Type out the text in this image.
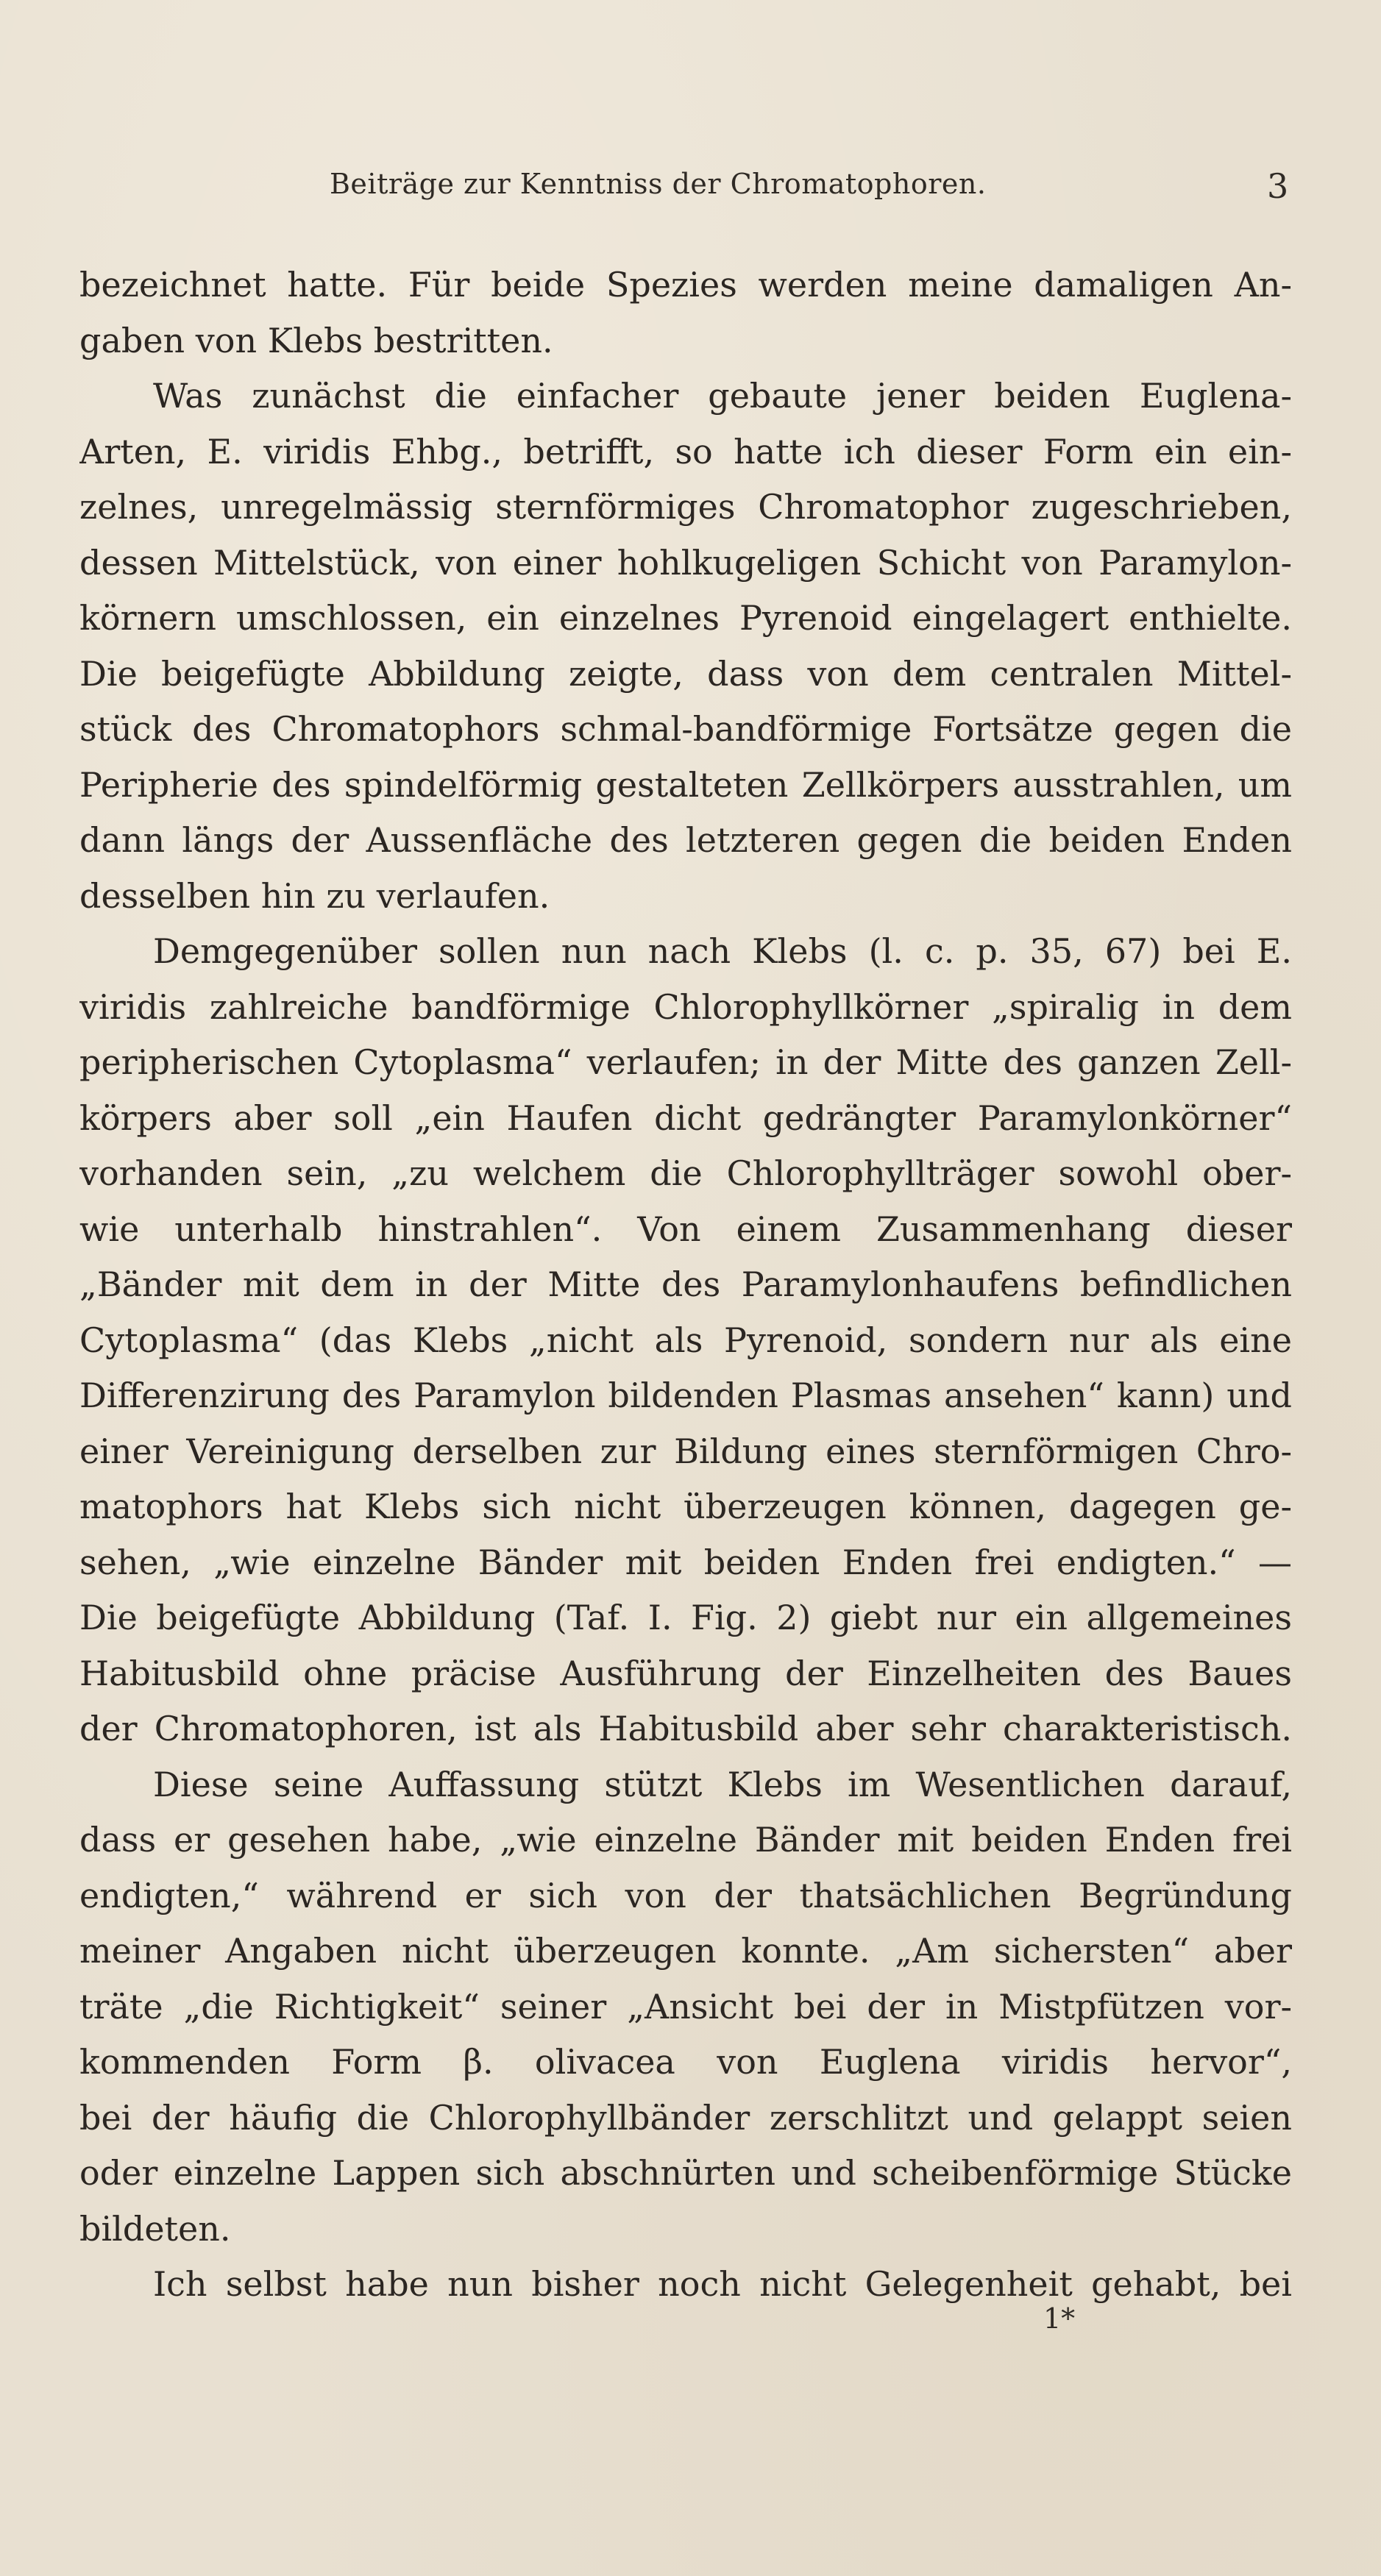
Beiträge zur Kenntniss der Chromatophoren.	3
bezeichnet hatte. Für beide Spezies werden meine damaligen An-
gaben von Klebs bestritten.
Was zunächst die einfacher gebaute jener beiden Euglena-
Arten, E. viridis Ehbg., betrifft, so hatte ich dieser Form ein ein-
zelnes, unregelmässig sternförmiges Chromatophor zugeschrieben,
dessen Mittelstück, von einer hohlkugeligen Schicht von Paramylon-
körnern umschlossen, ein einzelnes Pyrenoid eingelagert enthielte.
Die beigefügte Abbildung zeigte, dass von dem centralen Mittel-
stück des Chromatophors schmal-bandförmige Fortsätze gegen die
Peripherie des spindelförmig gestalteten Zellkörpers ausstrahlen, um
dann längs der Aussenfläche des letzteren gegen die beiden Enden
desselben hin zu verlaufen.
Demgegenüber sollen nun nach Klebs (l. c. p. 35, 67) bei E.
viridis zahlreiche bandförmige Chlorophyllkörner „spiralig in dem
peripherischen Cytoplasma“ verlaufen; in der Mitte des ganzen Zell-
körpers aber soll „ein Haufen dicht gedrängter Paramylonkörner“
vorhanden sein, „zu welchem die Chlorophyllträger sowohl ober-
wie unterhalb hinstrahlen“. Von einem Zusammenhang dieser
„Bänder mit dem in der Mitte des Paramylonhaufens befindlichen
Cytoplasma“ (das Klebs „nicht als Pyrenoid, sondern nur als eine
Differenzirung des Paramylon bildenden Plasmas ansehen“ kann) und
einer Vereinigung derselben zur Bildung eines sternförmigen Chro-
matophors hat Klebs sich nicht überzeugen können, dagegen ge-
sehen, „wie einzelne Bänder mit beiden Enden frei endigten.“ —
Die beigefügte Abbildung (Taf. I. Fig. 2) giebt nur ein allgemeines
Habitusbild ohne präcise Ausführung der Einzelheiten des Baues
der Chromatophoren, ist als Habitusbild aber sehr charakteristisch.
Diese seine Auffassung stützt Klebs im Wesentlichen darauf,
dass er gesehen habe, „wie einzelne Bänder mit beiden Enden frei
endigten,“ während er sich von der thatsächlichen Begründung
meiner Angaben nicht überzeugen konnte. „Am sichersten“ aber
träte „die Richtigkeit“ seiner „Ansicht bei der in Mistpfützen vor-
kommenden Form β. olivacea von Euglena viridis hervor“,
bei der häufig die Chlorophyllbänder zerschlitzt und gelappt seien
oder einzelne Lappen sich abschnürten und scheibenförmige Stücke
bildeten.
Ich selbst habe nun bisher noch nicht Gelegenheit gehabt, bei
1*
